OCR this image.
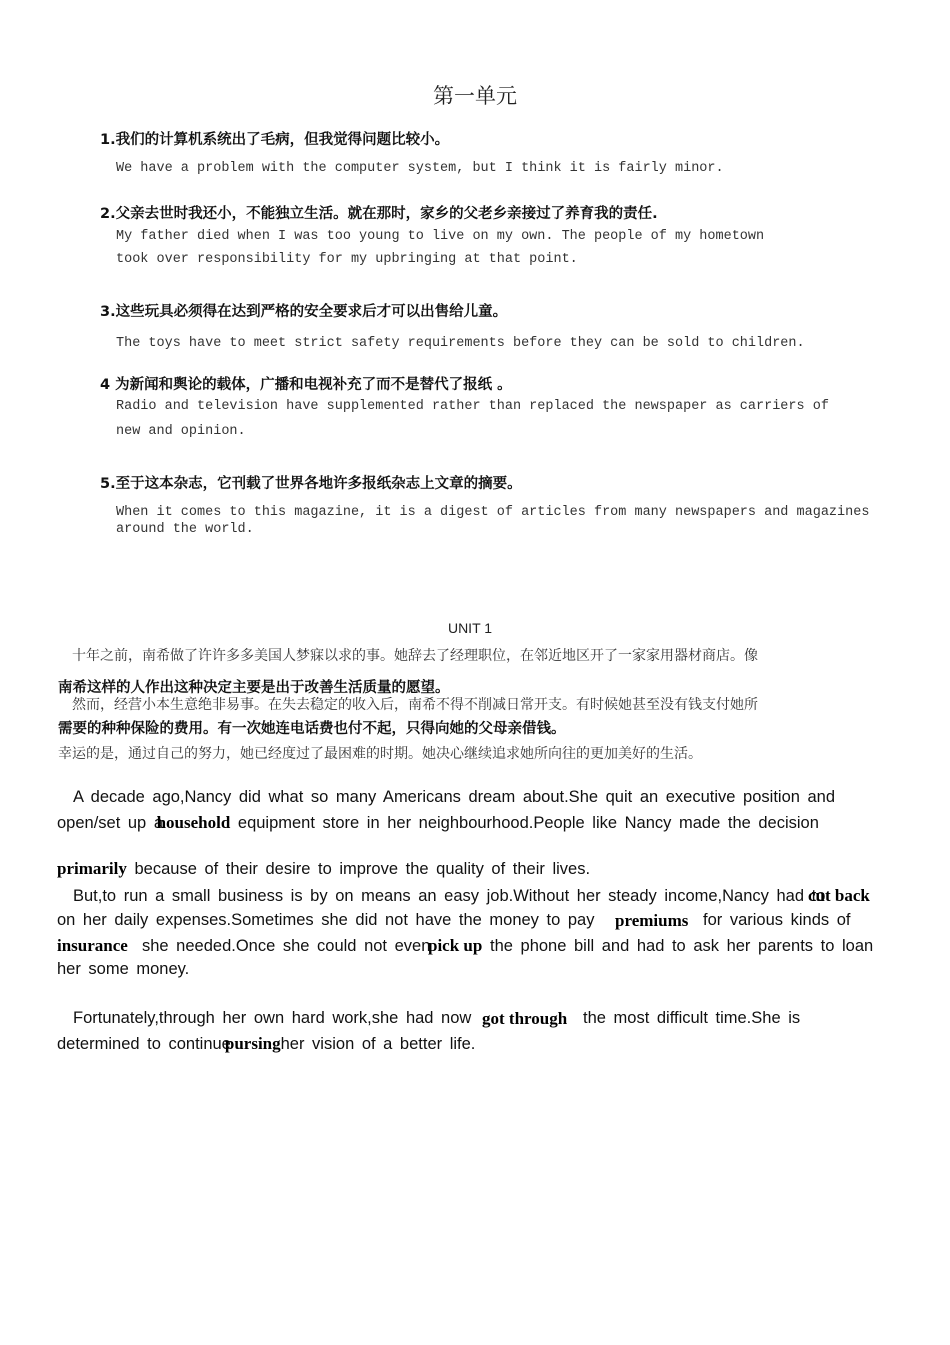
第一单元
1.我们的计算机系统出了毛病，但我觉得问题比较小。
We have a problem with the computer system, but I think it is fairly minor.
2.父亲去世时我还小，不能独立生活。就在那时，家乡的父老乡亲接过了养育我的责任.
My father died when I was too young to live on my own. The people of my hometown
took over responsibility for my upbringing at that point.
3.这些玩具必须得在达到严格的安全要求后才可以出售给儿童。
The toys have to meet strict safety requirements before they can be sold to children.
4 为新闻和舆论的载体，广播和电视补充了而不是替代了报纸 。
Radio and television have supplemented rather than replaced the newspaper as carriers of
new and opinion.
5.至于这本杂志，它刊载了世界各地许多报纸杂志上文章的摘要。
When it comes to this magazine, it is a digest of articles from many newspapers and magazines
around the world.
UNIT 1
十年之前，南希做了许许多多美国人梦寐以求的事。她辞去了经理职位，在邻近地区开了一家家用器材商店。像
南希这样的人作出这种决定主要是出于改善生活质量的愿望。
然而，经营小本生意绝非易事。在失去稳定的收入后，南希不得不削减日常开支。有时候她甚至没有钱支付她所
需要的种种保险的费用。有一次她连电话费也付不起，只得向她的父母亲借钱。
幸运的是，通过自己的努力，她已经度过了最困难的时期。她决心继续追求她所向往的更加美好的生活。
A decade ago,Nancy did what so many Americans dream about.She quit an executive position and
open/set up a household equipment store in her neighbourhood.People like Nancy made the decision
primarily because of their desire to improve the quality of their lives.
But,to run a small business is by on means an easy job.Without her steady income,Nancy had to
cut back
on her daily expenses.Sometimes she did not have the money to pay premiums for various kinds of
insurance she needed.Once she could not even
pick up the phone bill and had to ask her parents to loan
her some money.
Fortunately,through her own hard work,she had now got through the most difficult time.She is
determined to continuepursingher vision of a better life.
